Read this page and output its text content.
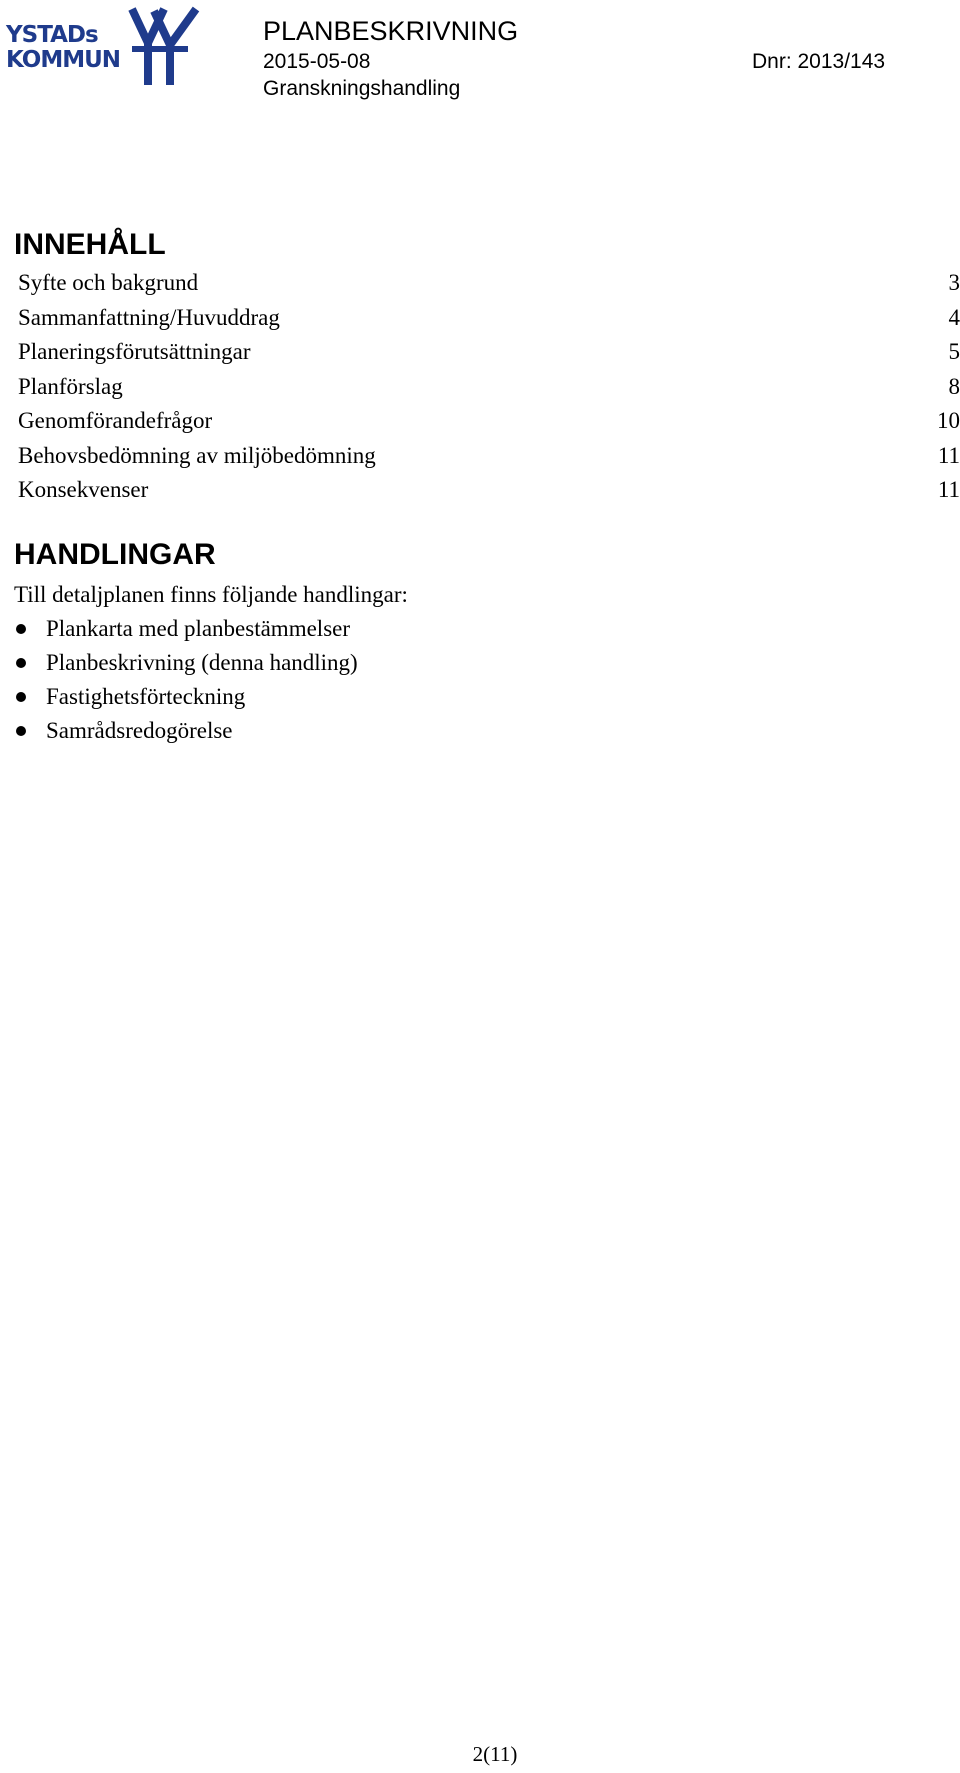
YSTADs
KOMMUN
PLANBESKRIVNING
2015-05-08	Dnr: 2013/143
Granskningshandling
INNEHÅLL
Syfte och bakgrund	3
Sammanfattning/Huvuddrag	4
Planeringsförutsättningar	5
Planförslag	8
Genomförandefrågor	10
Behovsbedömning av miljöbedömning	11
Konsekvenser	11
HANDLINGAR
Till detaljplanen finns följande handlingar:
Plankarta med planbestämmelser
Planbeskrivning (denna handling)
Fastighetsförteckning
Samrådsredogörelse
2(11)
